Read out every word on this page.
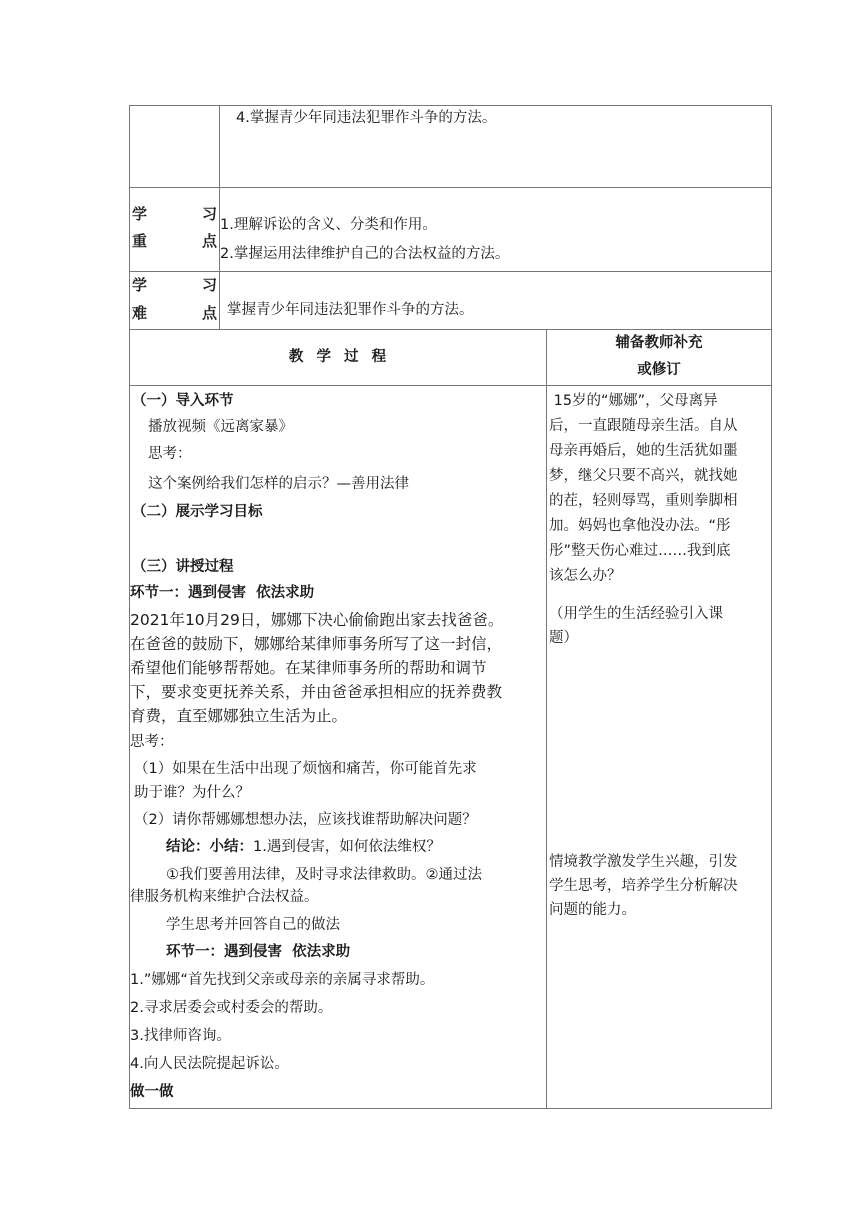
4.掌握青少年同违法犯罪作斗争的方法。
学	习
重	点
1.理解诉讼的含义、分类和作用。
2.掌握运用法律维护自己的合法权益的方法。
学	习
难	点 掌握青少年同违法犯罪作斗争的方法。
教  学  过  程
辅备教师补充
或修订
（一）导入环节
播放视频《远离家暴》
思考：
这个案例给我们怎样的启示？—善用法律
（二）展示学习目标
（三）讲授过程
环节一：遇到侵害  依法求助
2021年10月29日，娜娜下决心偷偷跑出家去找爸爸。
在爸爸的鼓励下，娜娜给某律师事务所写了这一封信，
希望他们能够帮帮她。在某律师事务所的帮助和调节
下，要求变更抚养关系，并由爸爸承担相应的抚养费教
育费，直至娜娜独立生活为止。
思考：
（1）如果在生活中出现了烦恼和痛苦，你可能首先求
助于谁？为什么？
（2）请你帮娜娜想想办法，应该找谁帮助解决问题？
结论：小结：1.遇到侵害，如何依法维权？
①我们要善用法律，及时寻求法律救助。②通过法
律服务机构来维护合法权益。
学生思考并回答自己的做法
环节一：遇到侵害  依法求助
1.”娜娜“首先找到父亲或母亲的亲属寻求帮助。
2.寻求居委会或村委会的帮助。
3.找律师咨询。
4.向人民法院提起诉讼。
做一做
15岁的“娜娜”，父母离异
后，一直跟随母亲生活。自从
母亲再婚后，她的生活犹如噩
梦，继父只要不高兴，就找她
的茬，轻则辱骂，重则拳脚相
加。妈妈也拿他没办法。“彤
彤”整天伤心难过……我到底
该怎么办？
（用学生的生活经验引入课
题）
情境教学激发学生兴趣，引发
学生思考，培养学生分析解决
问题的能力。
